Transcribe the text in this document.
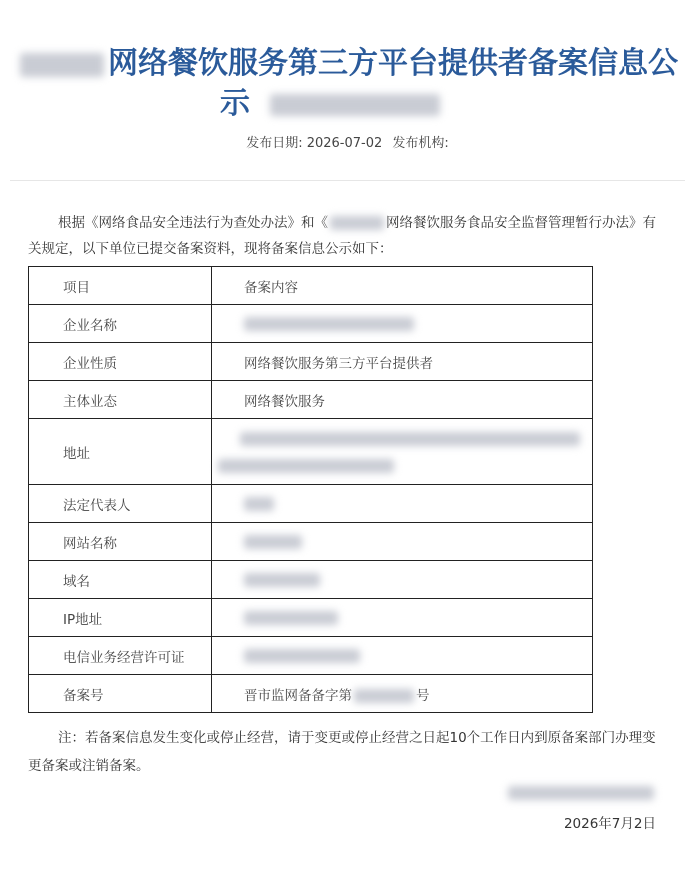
网络餐饮服务第三方平台提供者备案信息公
示
发布日期: 2026-07-02 发布机构:
根据《网络食品安全违法行为查处办法》和《	网络餐饮服务食品安全监督管理暂行办法》有关规定，以下单位已提交备案资料，现将备案信息公示如下：
项目	备案内容
企业名称	
企业性质	网络餐饮服务第三方平台提供者
主体业态	网络餐饮服务
地址	

法定代表人	
网站名称	
域名	
IP地址	
电信业务经营许可证	
备案号	晋市监网备备字第 号
注：若备案信息发生变化或停止经营，请于变更或停止经营之日起10个工作日内到原备案部门办理变更备案或注销备案。
2026年7月2日
